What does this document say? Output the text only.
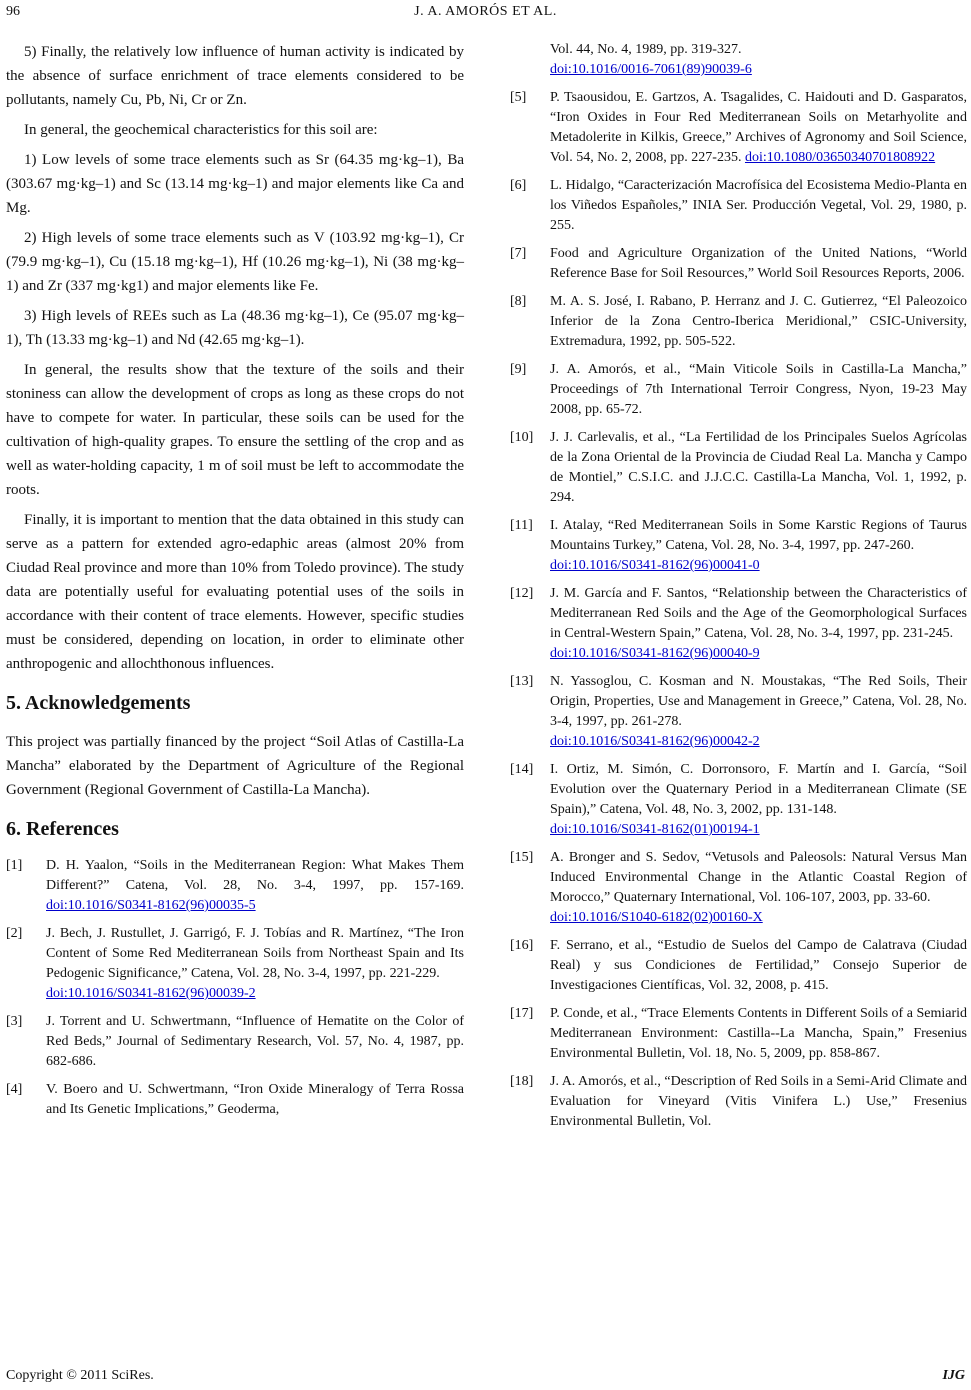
96	J. A. AMORÓS ET AL.

5) Finally, the relatively low influence of human activity is indicated by the absence of surface enrichment of trace elements considered to be pollutants, namely Cu, Pb, Ni, Cr or Zn.

In general, the geochemical characteristics for this soil are:

1) Low levels of some trace elements such as Sr (64.35 mg·kg–1), Ba (303.67 mg·kg–1) and Sc (13.14 mg·kg–1) and major elements like Ca and Mg.

2) High levels of some trace elements such as V (103.92 mg·kg–1), Cr (79.9 mg·kg–1), Cu (15.18 mg·kg–1), Hf (10.26 mg·kg–1), Ni (38 mg·kg–1) and Zr (337 mg·kg1) and major elements like Fe.

3) High levels of REEs such as La (48.36 mg·kg–1), Ce (95.07 mg·kg–1), Th (13.33 mg·kg–1) and Nd (42.65 mg·kg–1).

In general, the results show that the texture of the soils and their stoniness can allow the development of crops as long as these crops do not have to compete for water. In particular, these soils can be used for the cultivation of high-quality grapes. To ensure the settling of the crop and as well as water-holding capacity, 1 m of soil must be left to accommodate the roots.

Finally, it is important to mention that the data obtained in this study can serve as a pattern for extended agro-edaphic areas (almost 20% from Ciudad Real province and more than 10% from Toledo province). The study data are potentially useful for evaluating potential uses of the soils in accordance with their content of trace elements. However, specific studies must be considered, depending on location, in order to eliminate other anthropogenic and allochthonous influences.

5. Acknowledgements

This project was partially financed by the project “Soil Atlas of Castilla-La Mancha” elaborated by the Department of Agriculture of the Regional Government (Regional Government of Castilla-La Mancha).

6. References
[1] D. H. Yaalon, “Soils in the Mediterranean Region: What Makes Them Different?” Catena, Vol. 28, No. 3-4, 1997, pp. 157-169. doi:10.1016/S0341-8162(96)00035-5
[2] J. Bech, J. Rustullet, J. Garrigó, F. J. Tobías and R. Martínez, “The Iron Content of Some Red Mediterranean Soils from Northeast Spain and Its Pedogenic Significance,” Catena, Vol. 28, No. 3-4, 1997, pp. 221-229.
doi:10.1016/S0341-8162(96)00039-2
[3] J. Torrent and U. Schwertmann, “Influence of Hematite on the Color of Red Beds,” Journal of Sedimentary Research, Vol. 57, No. 4, 1987, pp. 682-686.
[4] V. Boero and U. Schwertmann, “Iron Oxide Mineralogy of Terra Rossa and Its Genetic Implications,” Geoderma,
Vol. 44, No. 4, 1989, pp. 319-327.
doi:10.1016/0016-7061(89)90039-6
[5] P. Tsaousidou, E. Gartzos, A. Tsagalides, C. Haidouti and D. Gasparatos, “Iron Oxides in Four Red Mediterranean Soils on Metarhyolite and Metadolerite in Kilkis, Greece,” Archives of Agronomy and Soil Science, Vol. 54, No. 2, 2008, pp. 227-235. doi:10.1080/03650340701808922
[6] L. Hidalgo, “Caracterización Macrofísica del Ecosistema Medio-Planta en los Viñedos Españoles,” INIA Ser. Producción Vegetal, Vol. 29, 1980, p. 255.
[7] Food and Agriculture Organization of the United Nations, “World Reference Base for Soil Resources,” World Soil Resources Reports, 2006.
[8] M. A. S. José, I. Rabano, P. Herranz and J. C. Gutierrez, “El Paleozoico Inferior de la Zona Centro-Iberica Meridional,” CSIC-University, Extremadura, 1992, pp. 505-522.
[9] J. A. Amorós, et al., “Main Viticole Soils in Castilla-La Mancha,” Proceedings of 7th International Terroir Congress, Nyon, 19-23 May 2008, pp. 65-72.
[10] J. J. Carlevalis, et al., “La Fertilidad de los Principales Suelos Agrícolas de la Zona Oriental de la Provincia de Ciudad Real La. Mancha y Campo de Montiel,” C.S.I.C. and J.J.C.C. Castilla-La Mancha, Vol. 1, 1992, p. 294.
[11] I. Atalay, “Red Mediterranean Soils in Some Karstic Regions of Taurus Mountains Turkey,” Catena, Vol. 28, No. 3-4, 1997, pp. 247-260.
doi:10.1016/S0341-8162(96)00041-0
[12] J. M. García and F. Santos, “Relationship between the Characteristics of Mediterranean Red Soils and the Age of the Geomorphological Surfaces in Central-Western Spain,” Catena, Vol. 28, No. 3-4, 1997, pp. 231-245.
doi:10.1016/S0341-8162(96)00040-9
[13] N. Yassoglou, C. Kosman and N. Moustakas, “The Red Soils, Their Origin, Properties, Use and Management in Greece,” Catena, Vol. 28, No. 3-4, 1997, pp. 261-278.
doi:10.1016/S0341-8162(96)00042-2
[14] I. Ortiz, M. Simón, C. Dorronsoro, F. Martín and I. García, “Soil Evolution over the Quaternary Period in a Mediterranean Climate (SE Spain),” Catena, Vol. 48, No. 3, 2002, pp. 131-148.
doi:10.1016/S0341-8162(01)00194-1
[15] A. Bronger and S. Sedov, “Vetusols and Paleosols: Natural Versus Man Induced Environmental Change in the Atlantic Coastal Region of Morocco,” Quaternary International, Vol. 106-107, 2003, pp. 33-60.
doi:10.1016/S1040-6182(02)00160-X
[16] F. Serrano, et al., “Estudio de Suelos del Campo de Calatrava (Ciudad Real) y sus Condiciones de Fertilidad,” Consejo Superior de Investigaciones Científicas, Vol. 32, 2008, p. 415.
[17] P. Conde, et al., “Trace Elements Contents in Different Soils of a Semiarid Mediterranean Environment: Castilla--La Mancha, Spain,” Fresenius Environmental Bulletin, Vol. 18, No. 5, 2009, pp. 858-867.
[18] J. A. Amorós, et al., “Description of Red Soils in a Semi-Arid Climate and Evaluation for Vineyard (Vitis Vinifera L.) Use,” Fresenius Environmental Bulletin, Vol.
Copyright © 2011 SciRes.	IJG
